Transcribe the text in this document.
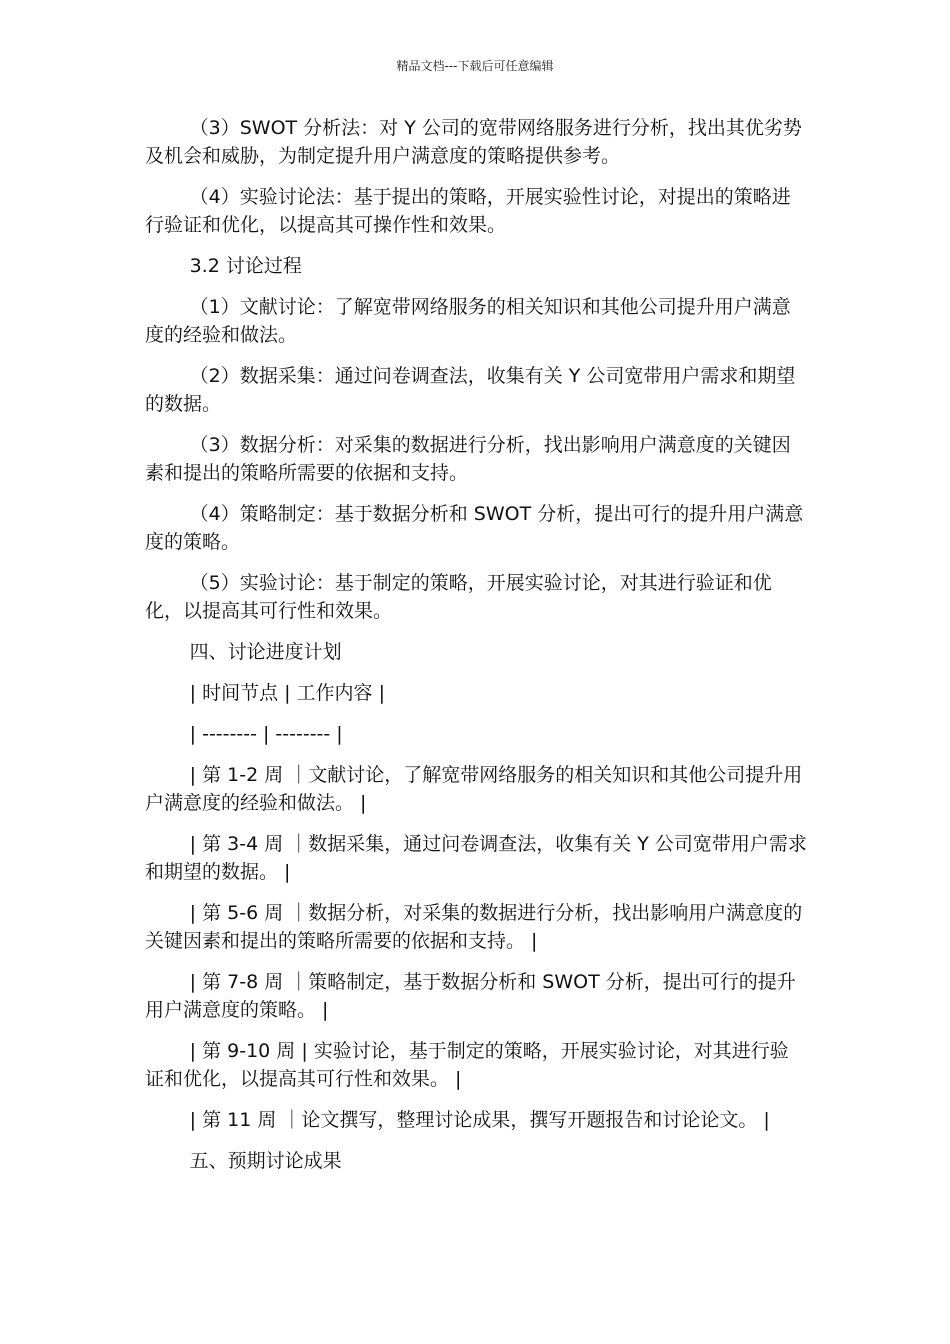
精品文档---下载后可任意编辑

（3）SWOT 分析法：对 Y 公司的宽带网络服务进行分析，找出其优劣势及机会和威胁，为制定提升用户满意度的策略提供参考。

（4）实验讨论法：基于提出的策略，开展实验性讨论，对提出的策略进行验证和优化，以提高其可操作性和效果。

3.2 讨论过程

（1）文献讨论：了解宽带网络服务的相关知识和其他公司提升用户满意度的经验和做法。

（2）数据采集：通过问卷调查法，收集有关 Y 公司宽带用户需求和期望的数据。

（3）数据分析：对采集的数据进行分析，找出影响用户满意度的关键因素和提出的策略所需要的依据和支持。

（4）策略制定：基于数据分析和 SWOT 分析，提出可行的提升用户满意度的策略。

（5）实验讨论：基于制定的策略，开展实验讨论，对其进行验证和优化，以提高其可行性和效果。

四、讨论进度计划

| 时间节点 | 工作内容 |

| -------- | -------- |

| 第 1-2 周 ｜文献讨论，了解宽带网络服务的相关知识和其他公司提升用户满意度的经验和做法。 |

| 第 3-4 周 ｜数据采集，通过问卷调查法，收集有关 Y 公司宽带用户需求和期望的数据。 |

| 第 5-6 周 ｜数据分析，对采集的数据进行分析，找出影响用户满意度的关键因素和提出的策略所需要的依据和支持。 |

| 第 7-8 周 ｜策略制定，基于数据分析和 SWOT 分析，提出可行的提升用户满意度的策略。 |

| 第 9-10 周 | 实验讨论，基于制定的策略，开展实验讨论，对其进行验证和优化，以提高其可行性和效果。 |

| 第 11 周 ｜论文撰写，整理讨论成果，撰写开题报告和讨论论文。 |

五、预期讨论成果
